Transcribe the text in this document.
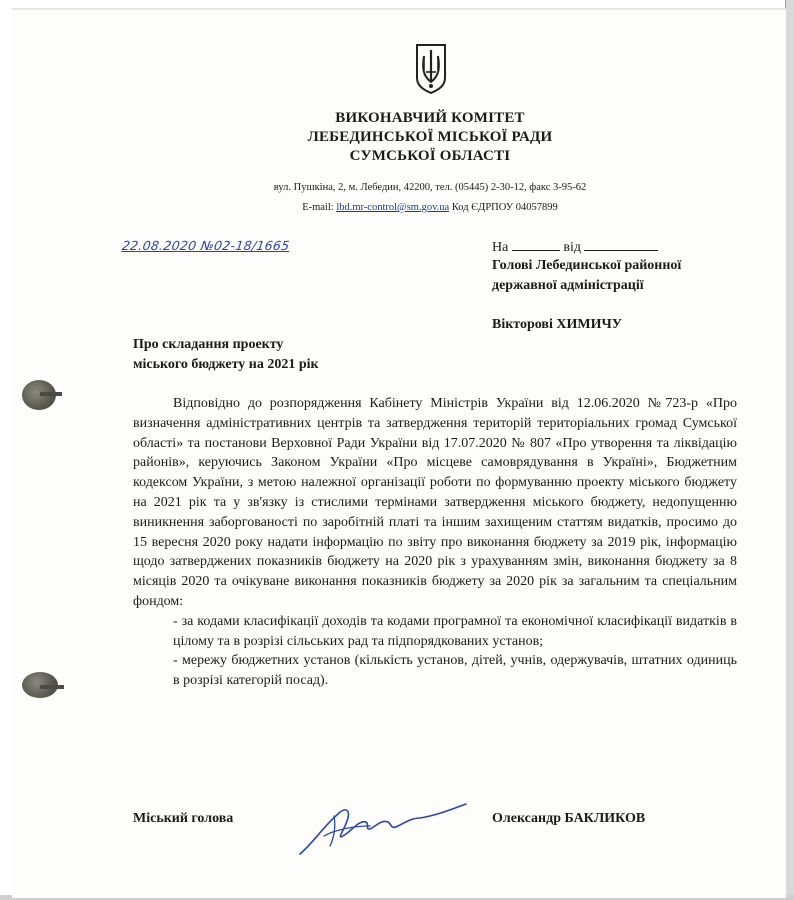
ВИКОНАВЧИЙ КОМІТЕТ
ЛЕБЕДИНСЬКОЇ МІСЬКОЇ РАДИ
СУМСЬКОЇ ОБЛАСТІ
вул. Пушкіна, 2, м. Лебедин, 42200, тел. (05445) 2-30-12, факс 3-95-62
E-mail: lbd.mr-control@sm.gov.ua Код ЄДРПОУ 04057899
22.08.2020 №02-18/1665	На	від
Голові Лебединської районної
державної адміністрації
Вікторові ХИМИЧУ
Про складання проекту
міського бюджету на 2021 рік

Відповідно до розпорядження Кабінету Міністрів України від 12.06.2020 №723-р «Про визначення адміністративних центрів та затвердження територій територіальних громад Сумської області» та постанови Верховної Ради України від 17.07.2020 № 807 «Про утворення та ліквідацію районів», керуючись Законом України «Про місцеве самоврядування в Україні», Бюджетним кодексом України, з метою належної організації роботи по формуванню проекту міського бюджету на 2021 рік та у зв'язку із стислими термінами затвердження міського бюджету, недопущенню виникнення заборгованості по заробітній платі та іншим захищеним статтям видатків, просимо до 15 вересня 2020 року надати інформацію по звіту про виконання бюджету за 2019 рік, інформацію щодо затверджених показників бюджету на 2020 рік з урахуванням змін, виконання бюджету за 8 місяців 2020 та очікуване виконання показників бюджету за 2020 рік за загальним та спеціальним фондом:

- за кодами класифікації доходів та кодами програмної та економічної класифікації видатків в цілому та в розрізі сільських рад та підпорядкованих установ;

- мережу бюджетних установ (кількість установ, дітей, учнів, одержувачів, штатних одиниць в розрізі категорій посад).

Міський голова	Олександр БАКЛИКОВ
